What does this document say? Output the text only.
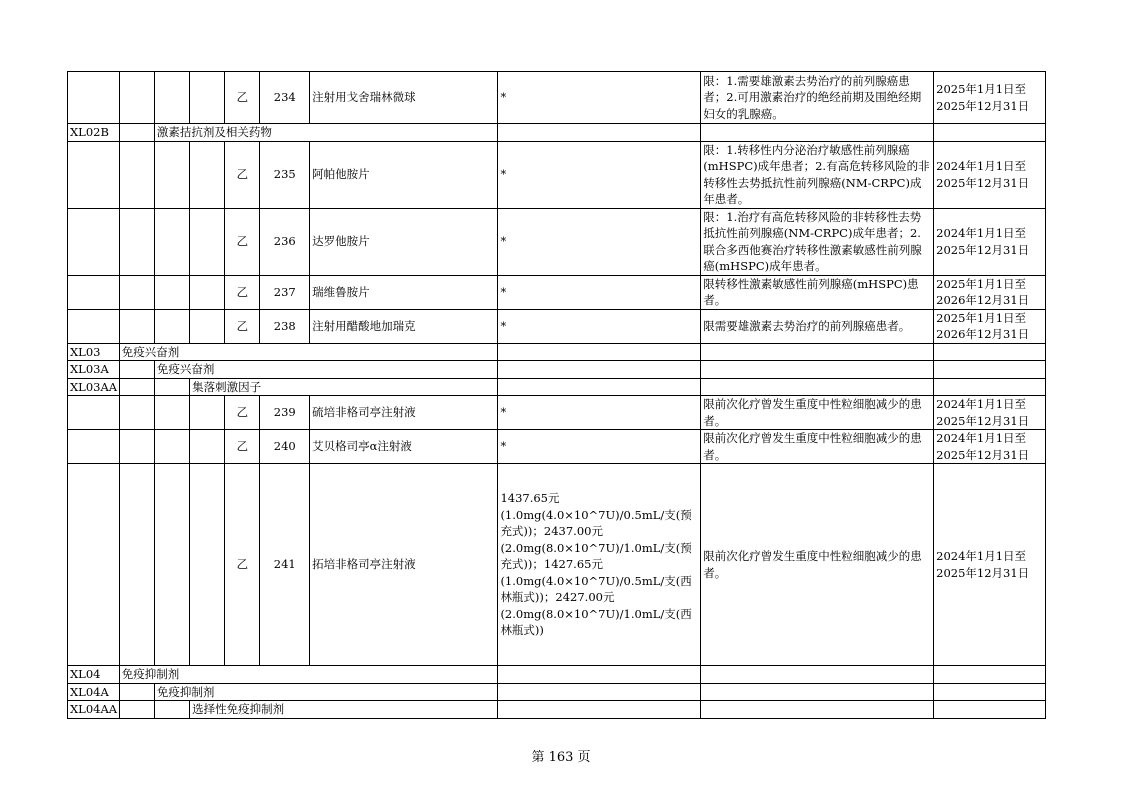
				乙	234	注射用戈舍瑞林微球	*	限：1.需要雄激素去势治疗的前列腺癌患者；2.可用激素治疗的绝经前期及围绝经期妇女的乳腺癌。	2025年1月1日至2025年12月31日
XL02B		激素拮抗剂及相关药物							
				乙	235	阿帕他胺片	*	限：1.转移性内分泌治疗敏感性前列腺癌(mHSPC)成年患者；2.有高危转移风险的非转移性去势抵抗性前列腺癌(NM-CRPC)成年患者。	2024年1月1日至2025年12月31日
				乙	236	达罗他胺片	*	限：1.治疗有高危转移风险的非转移性去势抵抗性前列腺癌(NM-CRPC)成年患者；2.联合多西他赛治疗转移性激素敏感性前列腺癌(mHSPC)成年患者。	2024年1月1日至2025年12月31日
				乙	237	瑞维鲁胺片	*	限转移性激素敏感性前列腺癌(mHSPC)患者。	2025年1月1日至2026年12月31日
				乙	238	注射用醋酸地加瑞克	*	限需要雄激素去势治疗的前列腺癌患者。	2025年1月1日至2026年12月31日
XL03	免疫兴奋剂								
XL03A		免疫兴奋剂							
XL03AA			集落刺激因子						
				乙	239	硫培非格司亭注射液	*	限前次化疗曾发生重度中性粒细胞减少的患者。	2024年1月1日至2025年12月31日
				乙	240	艾贝格司亭α注射液	*	限前次化疗曾发生重度中性粒细胞减少的患者。	2024年1月1日至2025年12月31日
				乙	241	拓培非格司亭注射液	1437.65元(1.0mg(4.0×10^7U)/0.5mL/支(预充式))；2437.00元(2.0mg(8.0×10^7U)/1.0mL/支(预充式))；1427.65元(1.0mg(4.0×10^7U)/0.5mL/支(西林瓶式))；2427.00元(2.0mg(8.0×10^7U)/1.0mL/支(西林瓶式))	限前次化疗曾发生重度中性粒细胞减少的患者。	2024年1月1日至2025年12月31日
XL04	免疫抑制剂								
XL04A		免疫抑制剂							
XL04AA			选择性免疫抑制剂						
第 163 页
